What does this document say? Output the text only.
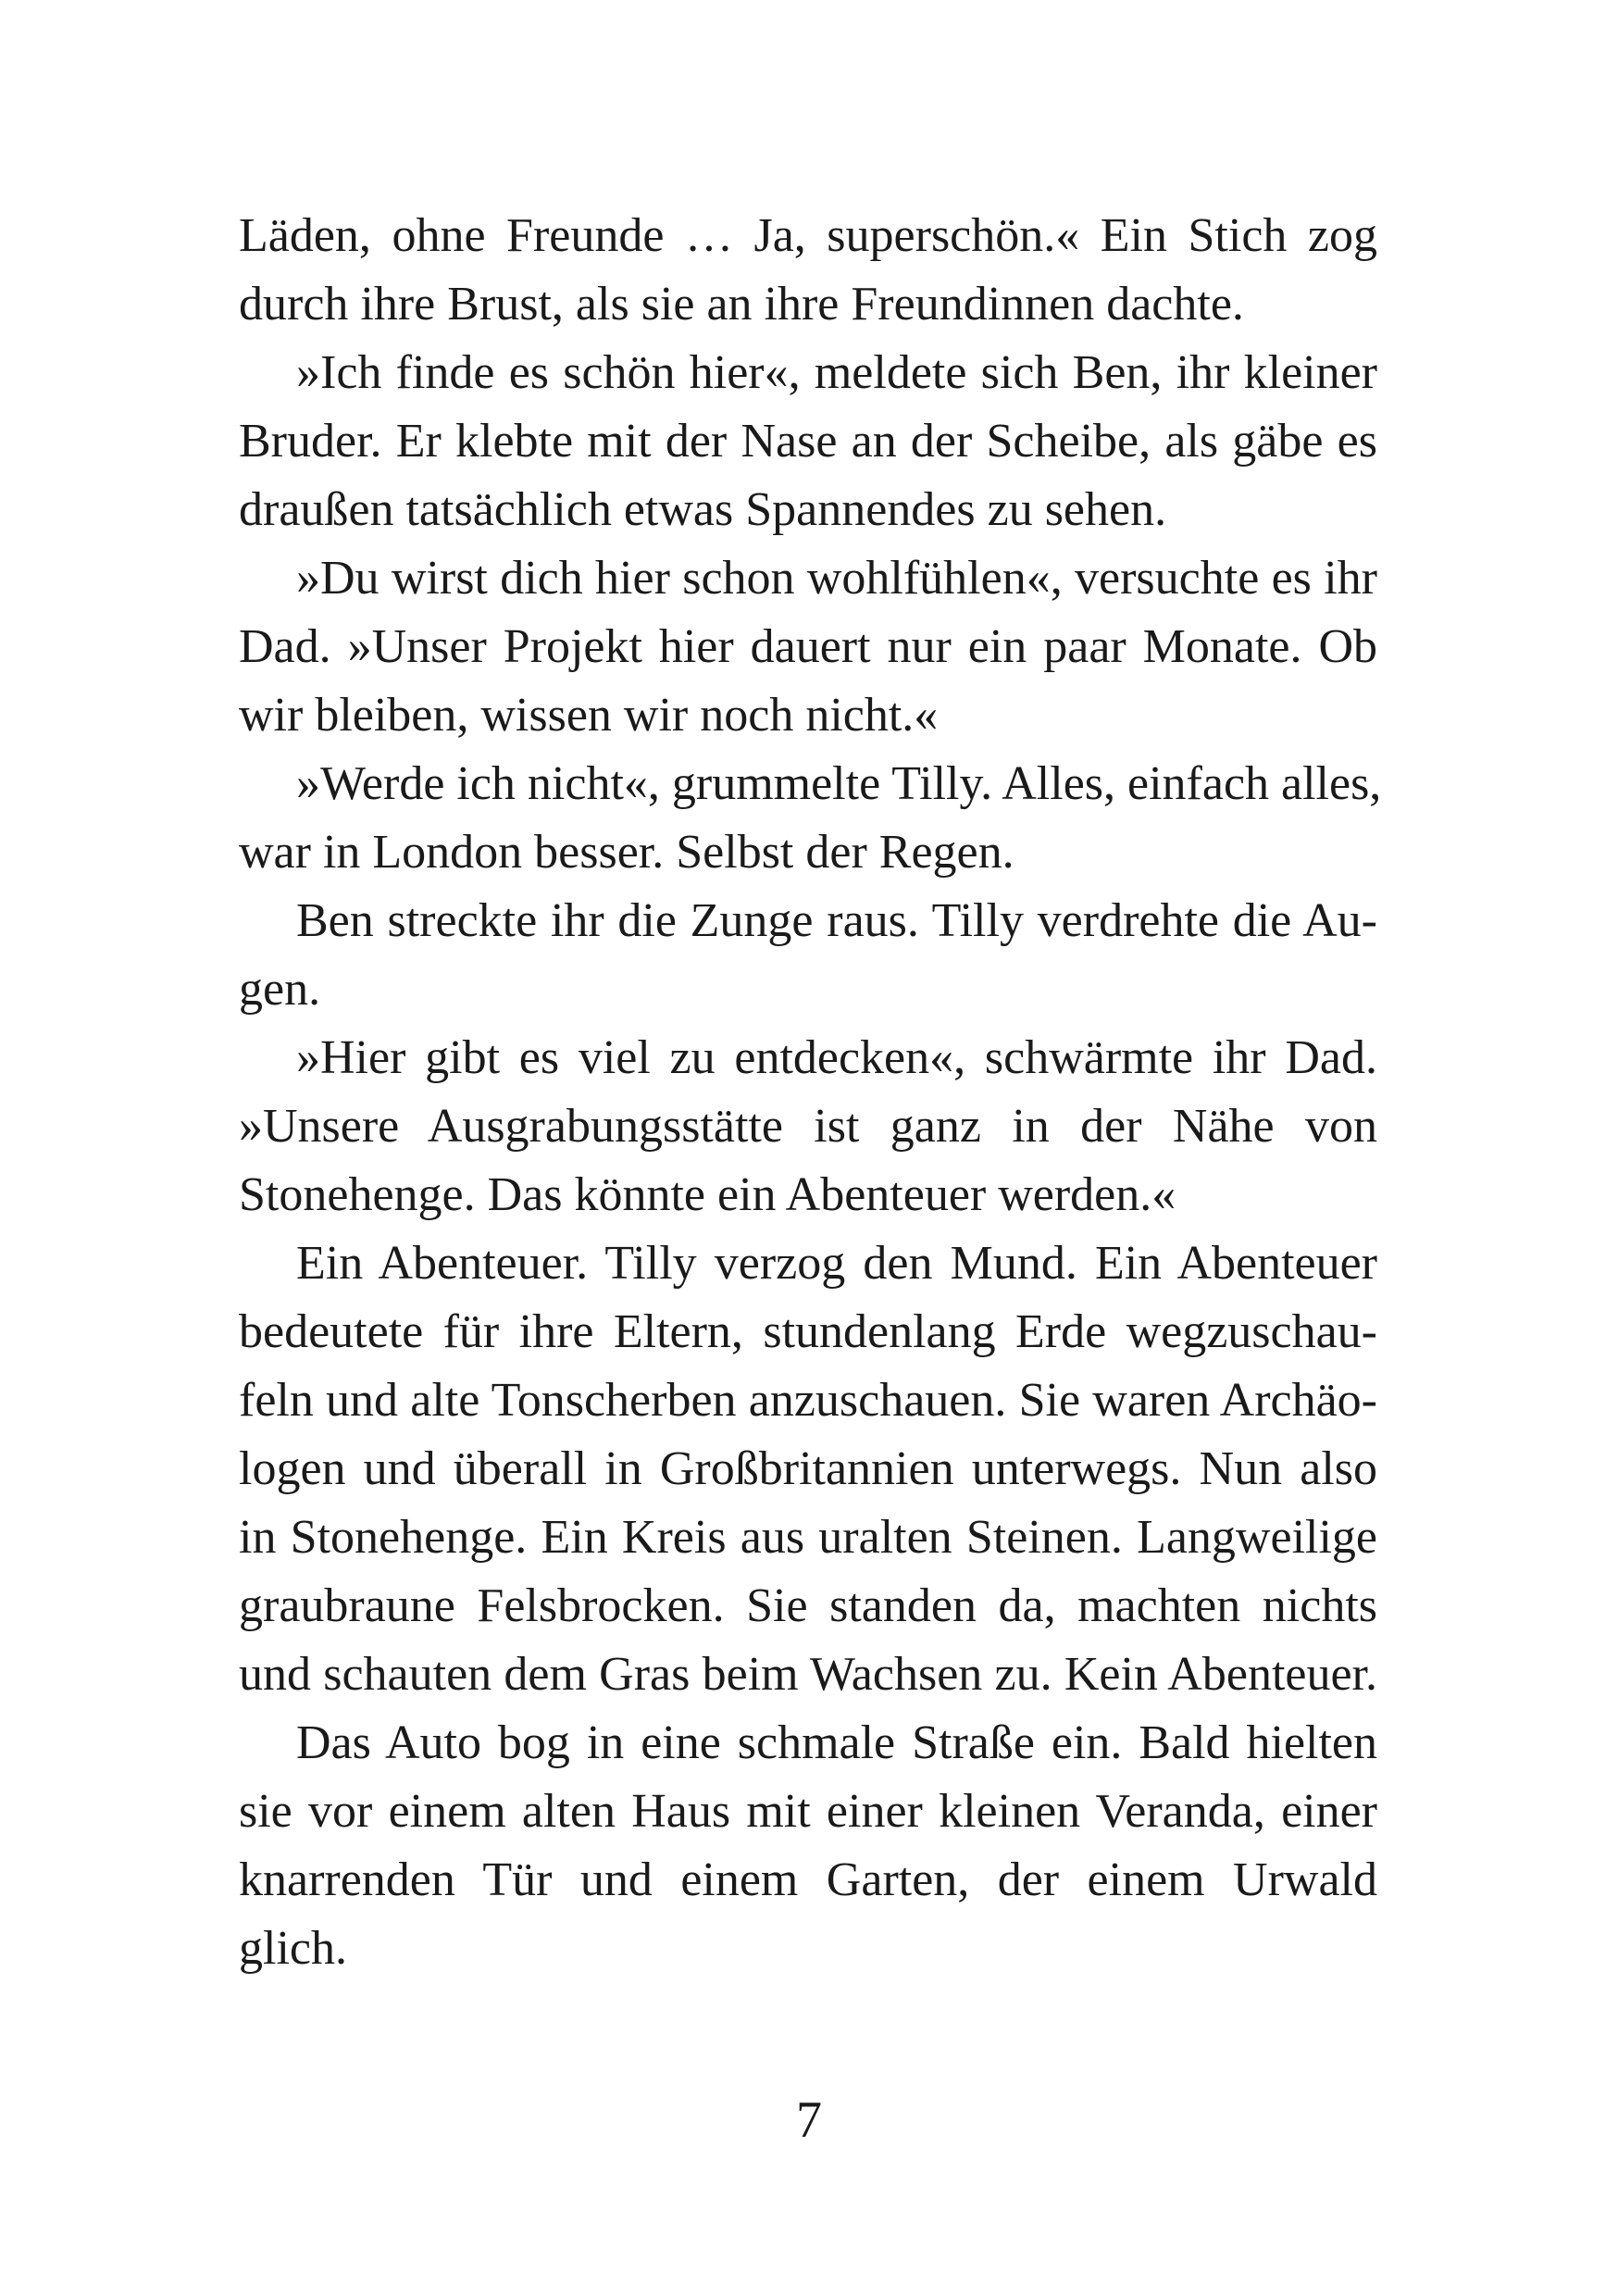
Läden, ohne Freunde … Ja, superschön.« Ein Stich zog
durch ihre Brust, als sie an ihre Freundinnen dachte.
»Ich finde es schön hier«, meldete sich Ben, ihr kleiner
Bruder. Er klebte mit der Nase an der Scheibe, als gäbe es
draußen tatsächlich etwas Spannendes zu sehen.
»Du wirst dich hier schon wohlfühlen«, versuchte es ihr
Dad. »Unser Projekt hier dauert nur ein paar Monate. Ob
wir bleiben, wissen wir noch nicht.«
»Werde ich nicht«, grummelte Tilly. Alles, einfach alles,
war in London besser. Selbst der Regen.
Ben streckte ihr die Zunge raus. Tilly verdrehte die Au-
gen.
»Hier gibt es viel zu entdecken«, schwärmte ihr Dad.
»Unsere Ausgrabungsstätte ist ganz in der Nähe von
Stonehenge. Das könnte ein Abenteuer werden.«
Ein Abenteuer. Tilly verzog den Mund. Ein Abenteuer
bedeutete für ihre Eltern, stundenlang Erde wegzuschau-
feln und alte Tonscherben anzuschauen. Sie waren Archäo-
logen und überall in Großbritannien unterwegs. Nun also
in Stonehenge. Ein Kreis aus uralten Steinen. Langweilige
graubraune Felsbrocken. Sie standen da, machten nichts
und schauten dem Gras beim Wachsen zu. Kein Abenteuer.
Das Auto bog in eine schmale Straße ein. Bald hielten
sie vor einem alten Haus mit einer kleinen Veranda, einer
knarrenden Tür und einem Garten, der einem Urwald
glich.
7
